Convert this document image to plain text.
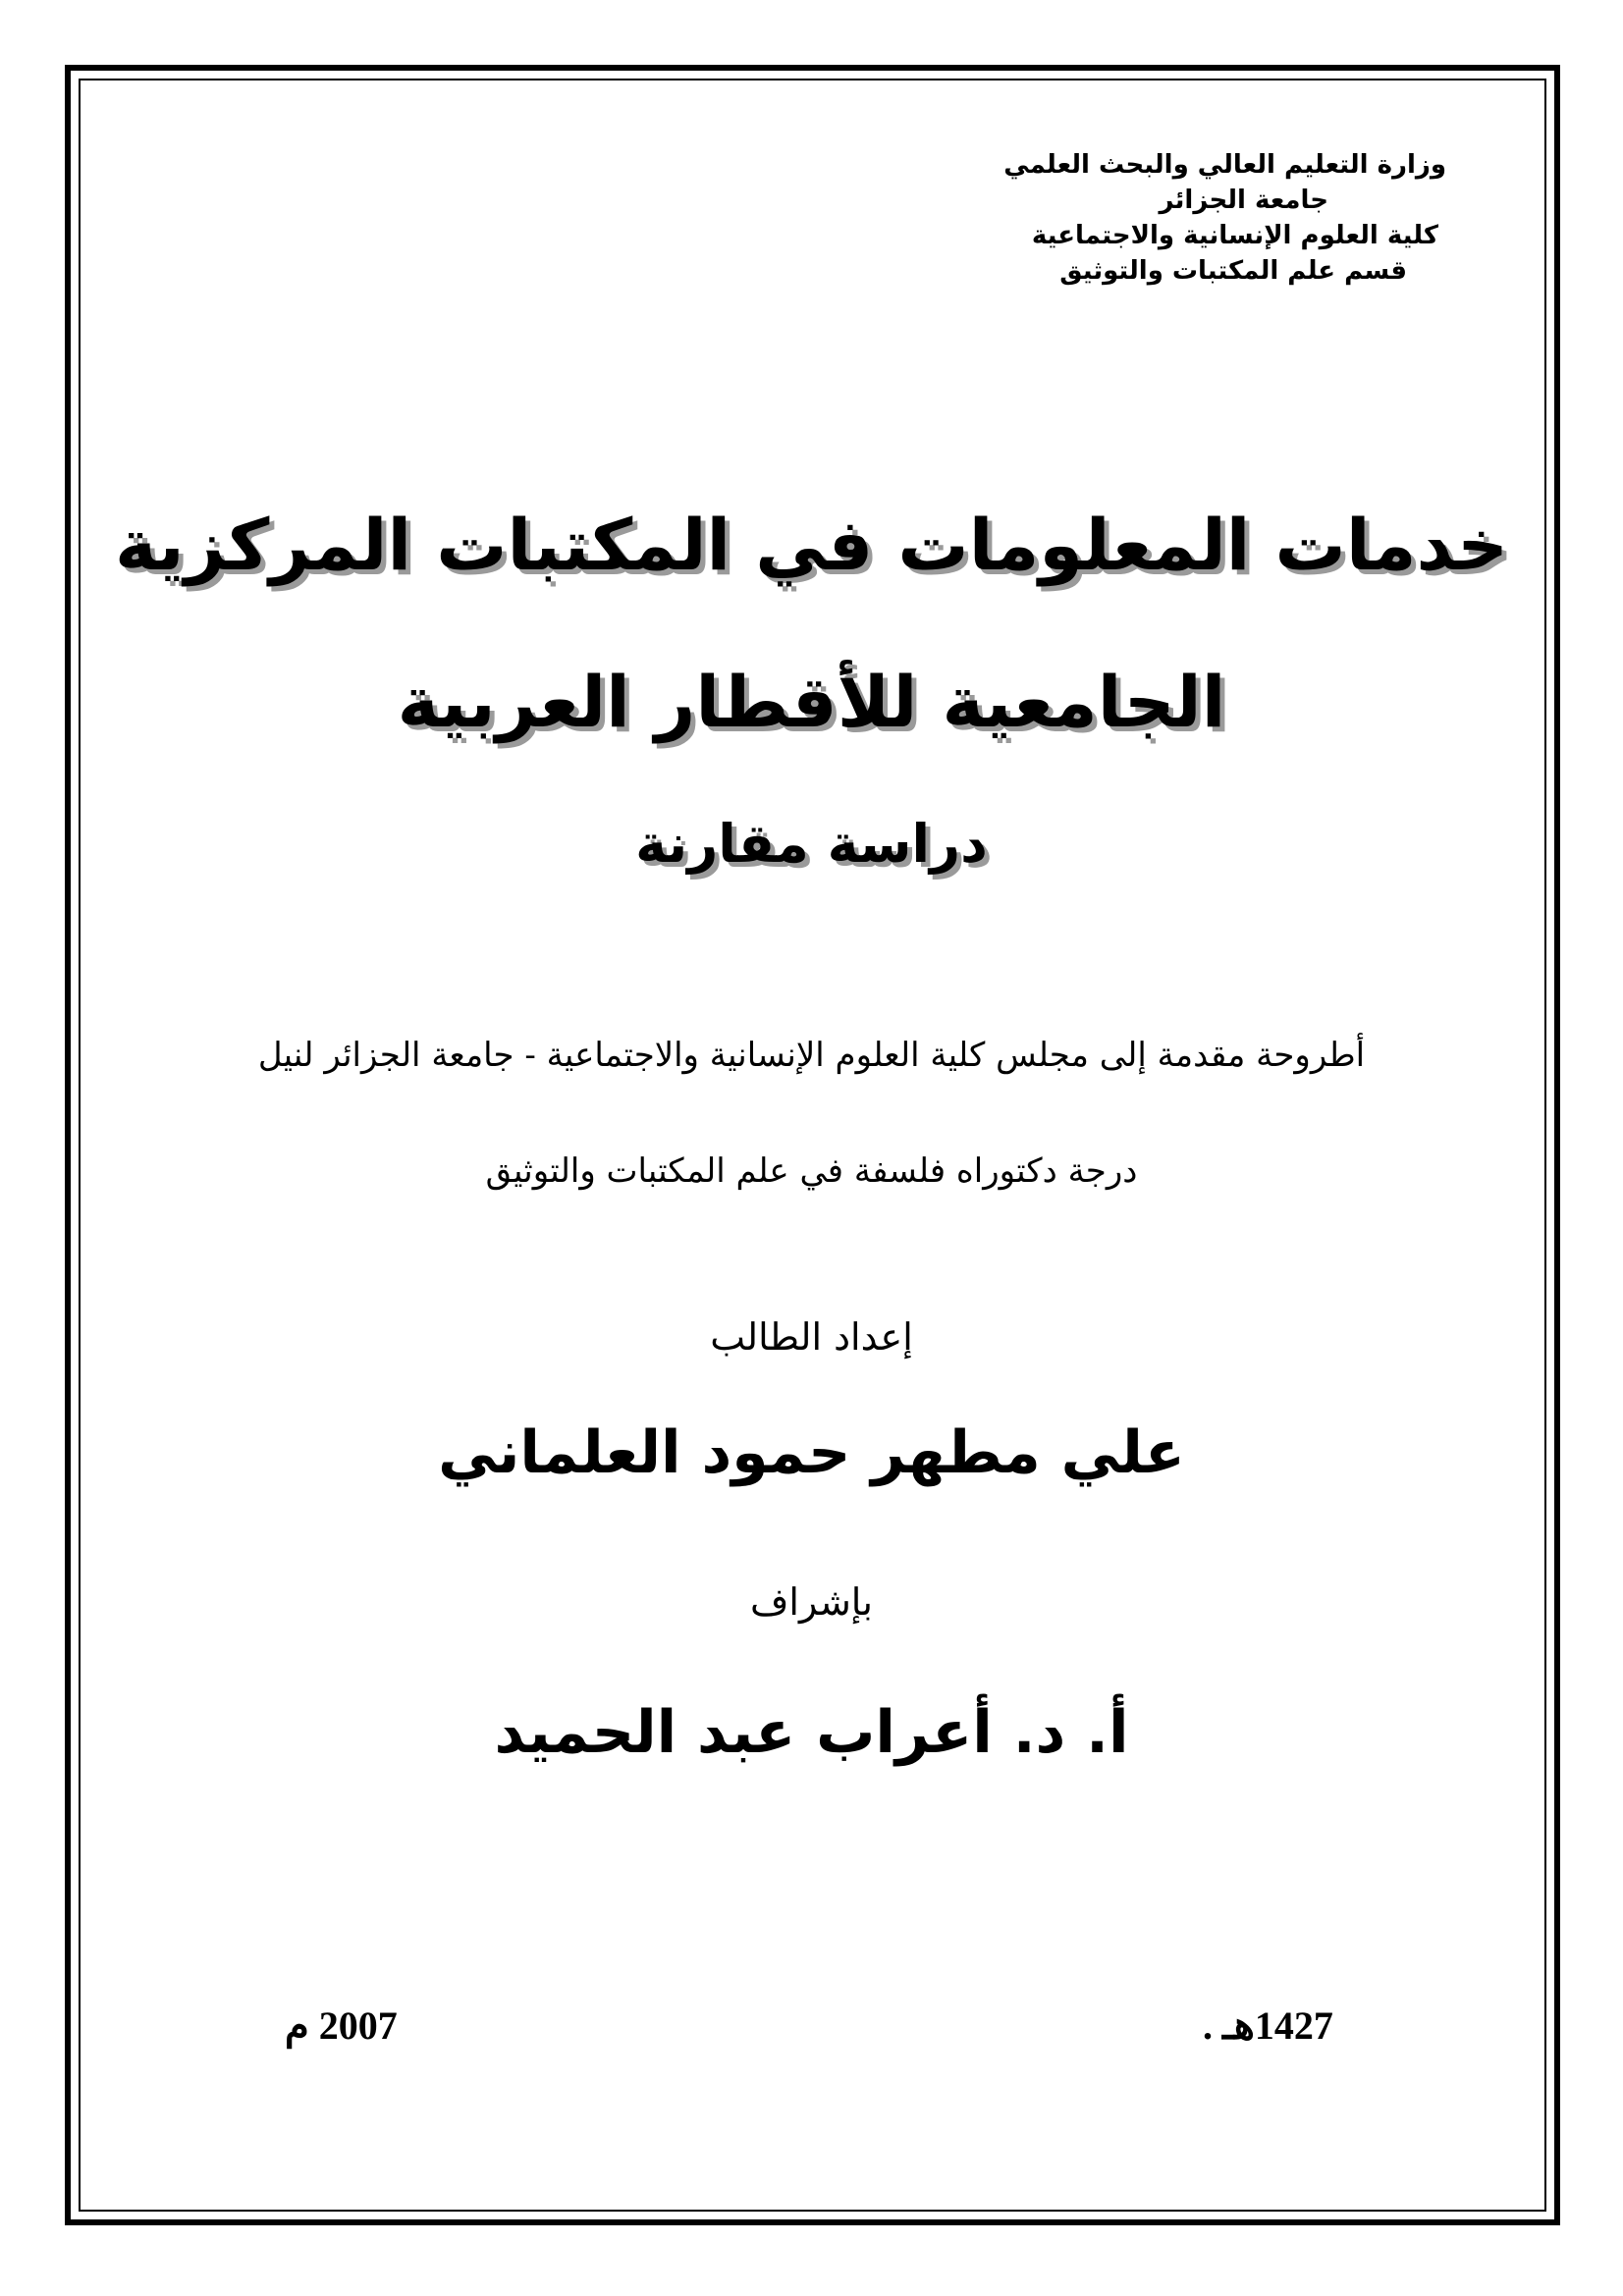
وزارة التعليم العالي والبحث العلمي
جامعة الجزائر
كلية العلوم الإنسانية والاجتماعية
قسم علم المكتبات والتوثيق
خدمات المعلومات في المكتبات المركزية
الجامعية للأقطار العربية
دراسة مقارنة
أطروحة مقدمة إلى مجلس كلية العلوم الإنسانية والاجتماعية - جامعة الجزائر لنيل
درجة دكتوراه فلسفة في علم المكتبات والتوثيق
إعداد الطالب
علي مطهر حمود العلماني
بإشراف
أ. د. أعراب عبد الحميد
1427هـ .
2007 م
